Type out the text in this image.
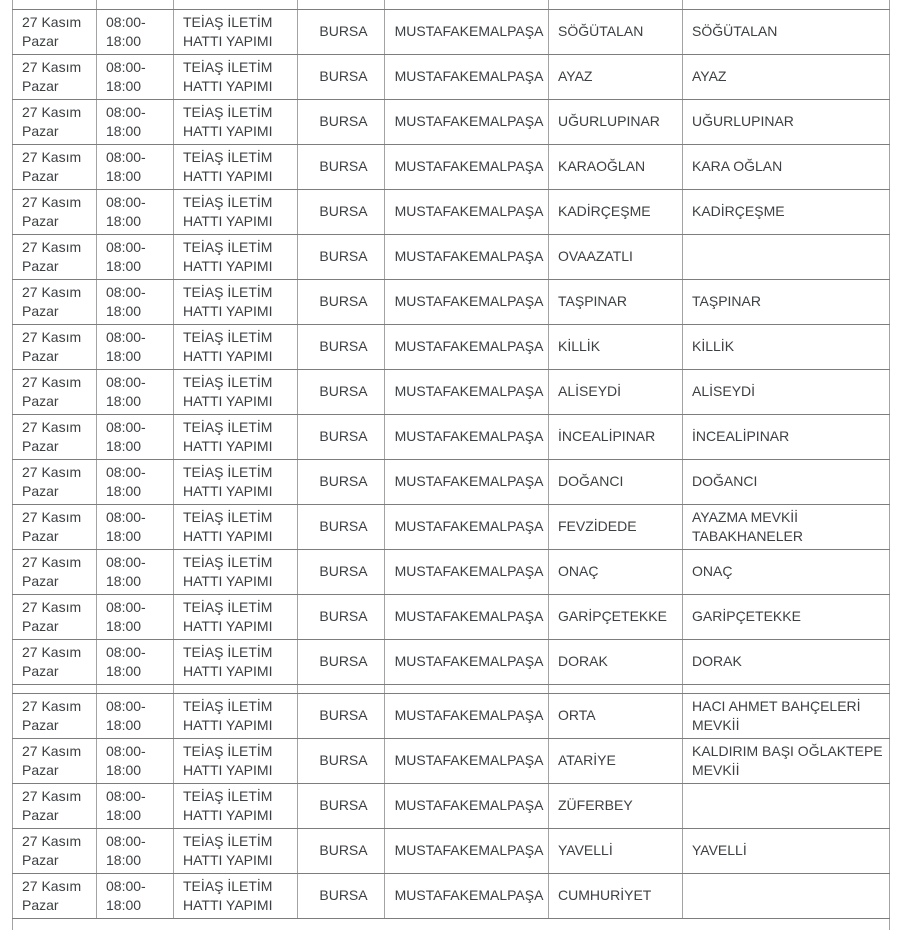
27 Kasım Pazar	08:00-18:00	TEİAŞ İLETİM HATTI YAPIMI	BURSA	MUSTAFAKEMALPAŞA	SÖĞÜTALAN	SÖĞÜTALAN
27 Kasım Pazar	08:00-18:00	TEİAŞ İLETİM HATTI YAPIMI	BURSA	MUSTAFAKEMALPAŞA	AYAZ	AYAZ
27 Kasım Pazar	08:00-18:00	TEİAŞ İLETİM HATTI YAPIMI	BURSA	MUSTAFAKEMALPAŞA	UĞURLUPINAR	UĞURLUPINAR
27 Kasım Pazar	08:00-18:00	TEİAŞ İLETİM HATTI YAPIMI	BURSA	MUSTAFAKEMALPAŞA	KARAOĞLAN	KARA OĞLAN
27 Kasım Pazar	08:00-18:00	TEİAŞ İLETİM HATTI YAPIMI	BURSA	MUSTAFAKEMALPAŞA	KADİRÇEŞME	KADİRÇEŞME
27 Kasım Pazar	08:00-18:00	TEİAŞ İLETİM HATTI YAPIMI	BURSA	MUSTAFAKEMALPAŞA	OVAAZATLI	
27 Kasım Pazar	08:00-18:00	TEİAŞ İLETİM HATTI YAPIMI	BURSA	MUSTAFAKEMALPAŞA	TAŞPINAR	TAŞPINAR
27 Kasım Pazar	08:00-18:00	TEİAŞ İLETİM HATTI YAPIMI	BURSA	MUSTAFAKEMALPAŞA	KİLLİK	KİLLİK
27 Kasım Pazar	08:00-18:00	TEİAŞ İLETİM HATTI YAPIMI	BURSA	MUSTAFAKEMALPAŞA	ALİSEYDİ	ALİSEYDİ
27 Kasım Pazar	08:00-18:00	TEİAŞ İLETİM HATTI YAPIMI	BURSA	MUSTAFAKEMALPAŞA	İNCEALİPINAR	İNCEALİPINAR
27 Kasım Pazar	08:00-18:00	TEİAŞ İLETİM HATTI YAPIMI	BURSA	MUSTAFAKEMALPAŞA	DOĞANCI	DOĞANCI
27 Kasım Pazar	08:00-18:00	TEİAŞ İLETİM HATTI YAPIMI	BURSA	MUSTAFAKEMALPAŞA	FEVZİDEDE	AYAZMA MEVKİİ TABAKHANELER
27 Kasım Pazar	08:00-18:00	TEİAŞ İLETİM HATTI YAPIMI	BURSA	MUSTAFAKEMALPAŞA	ONAÇ	ONAÇ
27 Kasım Pazar	08:00-18:00	TEİAŞ İLETİM HATTI YAPIMI	BURSA	MUSTAFAKEMALPAŞA	GARİPÇETEKKE	GARİPÇETEKKE
27 Kasım Pazar	08:00-18:00	TEİAŞ İLETİM HATTI YAPIMI	BURSA	MUSTAFAKEMALPAŞA	DORAK	DORAK

27 Kasım Pazar	08:00-18:00	TEİAŞ İLETİM HATTI YAPIMI	BURSA	MUSTAFAKEMALPAŞA	ORTA	HACI AHMET BAHÇELERİ MEVKİİ
27 Kasım Pazar	08:00-18:00	TEİAŞ İLETİM HATTI YAPIMI	BURSA	MUSTAFAKEMALPAŞA	ATARİYE	KALDIRIM BAŞI OĞLAKTEPE MEVKİİ
27 Kasım Pazar	08:00-18:00	TEİAŞ İLETİM HATTI YAPIMI	BURSA	MUSTAFAKEMALPAŞA	ZÜFERBEY	
27 Kasım Pazar	08:00-18:00	TEİAŞ İLETİM HATTI YAPIMI	BURSA	MUSTAFAKEMALPAŞA	YAVELLİ	YAVELLİ
27 Kasım Pazar	08:00-18:00	TEİAŞ İLETİM HATTI YAPIMI	BURSA	MUSTAFAKEMALPAŞA	CUMHURİYET	
